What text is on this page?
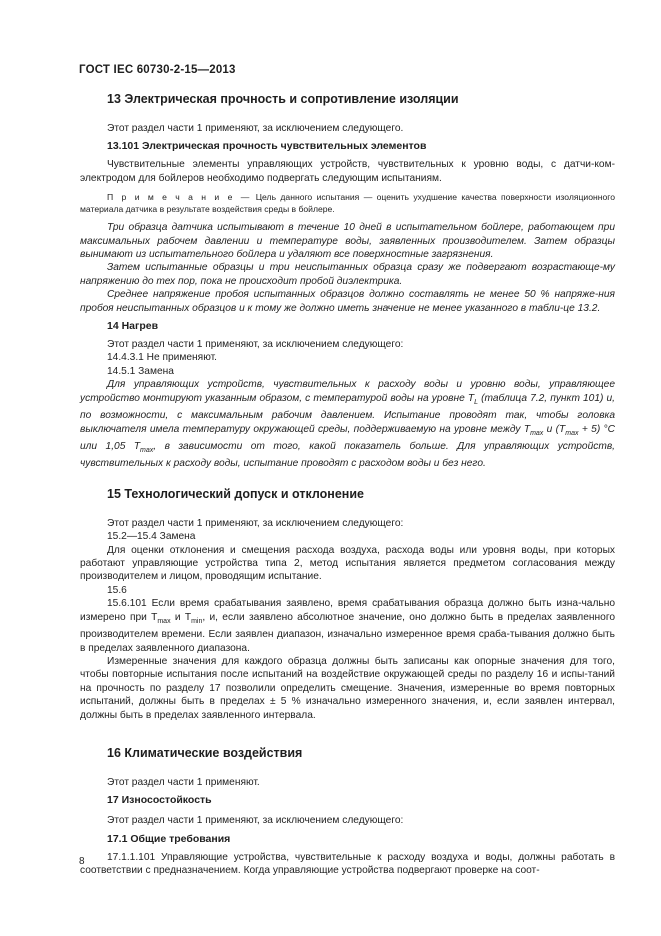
ГОСТ IEC 60730-2-15—2013
13 Электрическая прочность и сопротивление изоляции

Этот раздел части 1 применяют, за исключением следующего.

13.101 Электрическая прочность чувствительных элементов

Чувствительные элементы управляющих устройств, чувствительных к уровню воды, с датчи-ком-электродом для бойлеров необходимо подвергать следующим испытаниям.

П р и м е ч а н и е — Цель данного испытания — оценить ухудшение качества поверхности изоляционного материала датчика в результате воздействия среды в бойлере.

Три образца датчика испытывают в течение 10 дней в испытательном бойлере, работающем при максимальных рабочем давлении и температуре воды, заявленных производителем. Затем образцы вынимают из испытательного бойлера и удаляют все поверхностные загрязнения.

Затем испытанные образцы и три неиспытанных образца сразу же подвергают возрастающе-му напряжению до тех пор, пока не происходит пробой диэлектрика.

Среднее напряжение пробоя испытанных образцов должно составлять не менее 50 % напряже-ния пробоя неиспытанных образцов и к тому же должно иметь значение не менее указанного в табли-це 13.2.

14 Нагрев

Этот раздел части 1 применяют, за исключением следующего:

14.4.3.1 Не применяют.

14.5.1 Замена

Для управляющих устройств, чувствительных к расходу воды и уровню воды, управляющее устройство монтируют указанным образом, с температурой воды на уровне $T_L$ (таблица 7.2, пункт 101) и, по возможности, с максимальным рабочим давлением. Испытание проводят так, чтобы головка выключателя имела температуру окружающей среды, поддерживаемую на уровне между $T_{max}$ и $(T_{max} + 5)$ °С или 1,05 $T_{max}$, в зависимости от того, какой показатель больше. Для управляющих устройств, чувствительных к расходу воды, испытание проводят с расходом воды и без него.

15 Технологический допуск и отклонение

Этот раздел части 1 применяют, за исключением следующего:

15.2—15.4 Замена

Для оценки отклонения и смещения расхода воздуха, расхода воды или уровня воды, при которых работают управляющие устройства типа 2, метод испытания является предметом согласования между производителем и лицом, проводящим испытание.

15.6

15.6.101 Если время срабатывания заявлено, время срабатывания образца должно быть изна-чально измерено при $T_{max}$ и $T_{min}$, и, если заявлено абсолютное значение, оно должно быть в пределах заявленного производителем времени. Если заявлен диапазон, изначально измеренное время сраба-тывания должно быть в пределах заявленного диапазона.

Измеренные значения для каждого образца должны быть записаны как опорные значения для того, чтобы повторные испытания после испытаний на воздействие окружающей среды по разделу 16 и испы-таний на прочность по разделу 17 позволили определить смещение. Значения, измеренные во время повторных испытаний, должны быть в пределах ± 5 % изначально измеренного значения, и, если заявлен интервал, должны быть в пределах заявленного интервала.

16 Климатические воздействия

Этот раздел части 1 применяют.

17 Износостойкость

Этот раздел части 1 применяют, за исключением следующего:

17.1 Общие требования

17.1.1.101 Управляющие устройства, чувствительные к расходу воздуха и воды, должны работать в соответствии с предназначением. Когда управляющие устройства подвергают проверке на соот-

8
